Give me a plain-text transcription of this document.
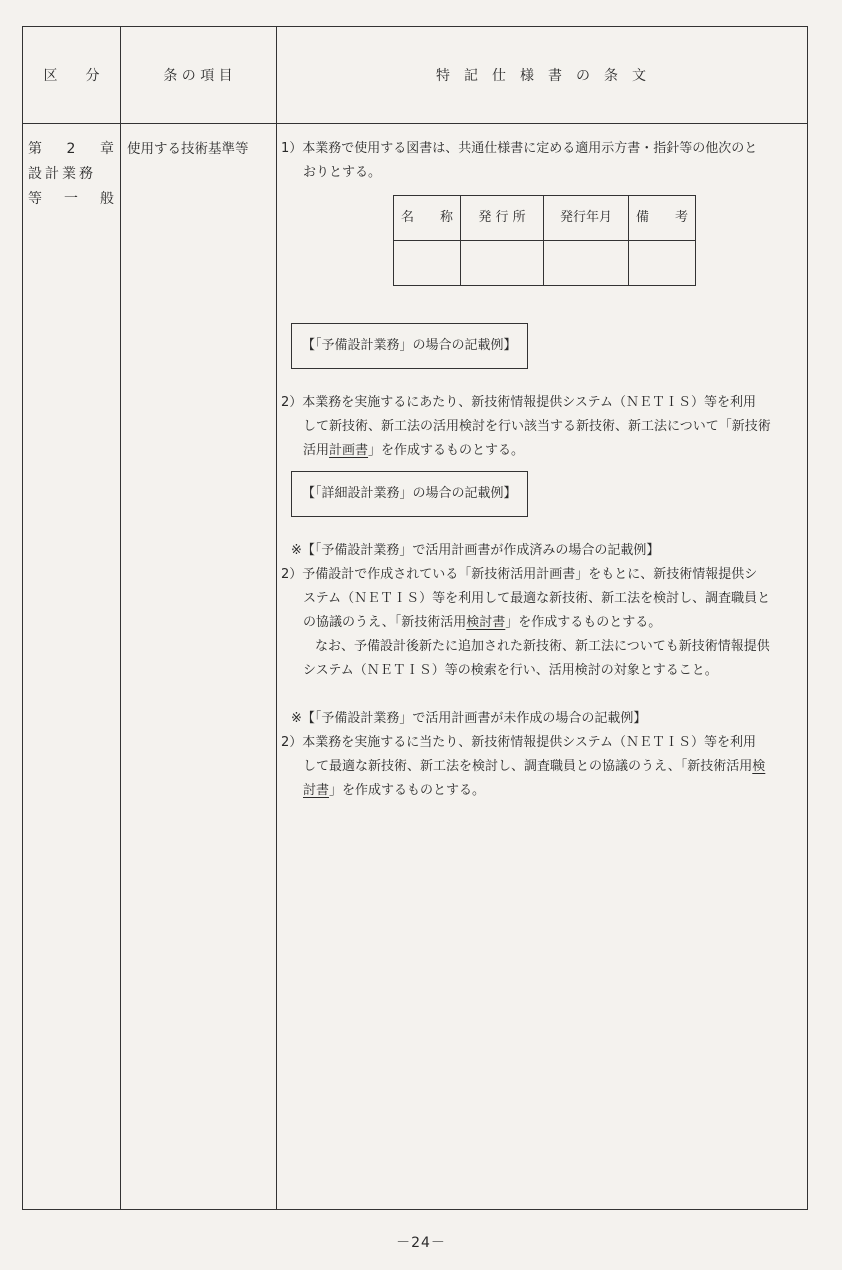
区　　分	条 の 項 目	特　記　仕　様　書　の　条　文
第 2 章
設計業務
等 一 般
使用する技術基準等	1）本業務で使用する図書は、共通仕様書に定める適用示方書・指針等の他次のと
おりとする。
名　　称	発 行 所	発行年月	備　　考

【「予備設計業務」の場合の記載例】
2）本業務を実施するにあたり、新技術情報提供システム（ＮＥＴＩＳ）等を利用
して新技術、新工法の活用検討を行い該当する新技術、新工法について「新技術
活用計画書」を作成するものとする。
【「詳細設計業務」の場合の記載例】
※【「予備設計業務」で活用計画書が作成済みの場合の記載例】
2）予備設計で作成されている「新技術活用計画書」をもとに、新技術情報提供シ
ステム（ＮＥＴＩＳ）等を利用して最適な新技術、新工法を検討し、調査職員と
の協議のうえ、「新技術活用検討書」を作成するものとする。
なお、予備設計後新たに追加された新技術、新工法についても新技術情報提供
システム（ＮＥＴＩＳ）等の検索を行い、活用検討の対象とすること。
※【「予備設計業務」で活用計画書が未作成の場合の記載例】
2）本業務を実施するに当たり、新技術情報提供システム（ＮＥＴＩＳ）等を利用
して最適な新技術、新工法を検討し、調査職員との協議のうえ、「新技術活用検
討書」を作成するものとする。
－24－
